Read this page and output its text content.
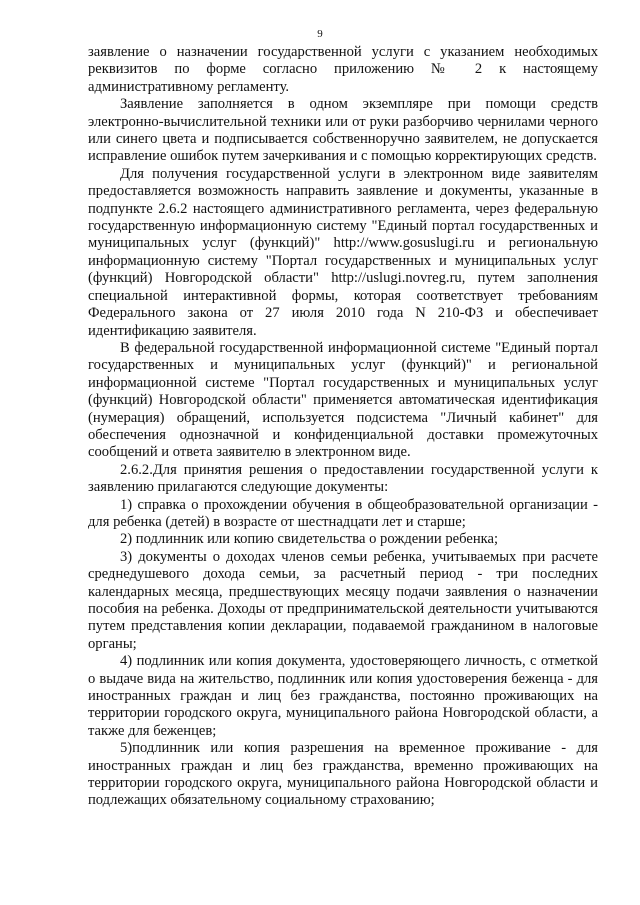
9

заявление о назначении государственной услуги с указанием необходимых реквизитов по форме согласно приложению № 2 к настоящему административному регламенту.

Заявление заполняется в одном экземпляре при помощи средств электронно-вычислительной техники или от руки разборчиво чернилами черного или синего цвета и подписывается собственноручно заявителем, не допускается исправление ошибок путем зачеркивания и с помощью корректирующих средств.

Для получения государственной услуги в электронном виде заявителям предоставляется возможность направить заявление и документы, указанные в подпункте 2.6.2 настоящего административного регламента, через федеральную государственную информационную систему "Единый портал государственных и муниципальных услуг (функций)" http://www.gosuslugi.ru и региональную информационную систему "Портал государственных и муниципальных услуг (функций) Новгородской области" http://uslugi.novreg.ru, путем заполнения специальной интерактивной формы, которая соответствует требованиям Федерального закона от 27 июля 2010 года N 210-ФЗ и обеспечивает идентификацию заявителя.

В федеральной государственной информационной системе "Единый портал государственных и муниципальных услуг (функций)" и региональной информационной системе "Портал государственных и муниципальных услуг (функций) Новгородской области" применяется автоматическая идентификация (нумерация) обращений, используется подсистема "Личный кабинет" для обеспечения однозначной и конфиденциальной доставки промежуточных сообщений и ответа заявителю в электронном виде.

2.6.2.Для принятия решения о предоставлении государственной услуги к заявлению прилагаются следующие документы:

1) справка о прохождении обучения в общеобразовательной организации - для ребенка (детей) в возрасте от шестнадцати лет и старше;

2) подлинник или копию свидетельства о рождении ребенка;

3) документы о доходах членов семьи ребенка, учитываемых при расчете среднедушевого дохода семьи, за расчетный период - три последних календарных месяца, предшествующих месяцу подачи заявления о назначении пособия на ребенка. Доходы от предпринимательской деятельности учитываются путем представления копии декларации, подаваемой гражданином в налоговые органы;

4) подлинник или копия документа, удостоверяющего личность, с отметкой о выдаче вида на жительство, подлинник или копия удостоверения беженца - для иностранных граждан и лиц без гражданства, постоянно проживающих на территории городского округа, муниципального района Новгородской области, а также для беженцев;

5)подлинник или копия разрешения на временное проживание - для иностранных граждан и лиц без гражданства, временно проживающих на территории городского округа, муниципального района Новгородской области и подлежащих обязательному социальному страхованию;
